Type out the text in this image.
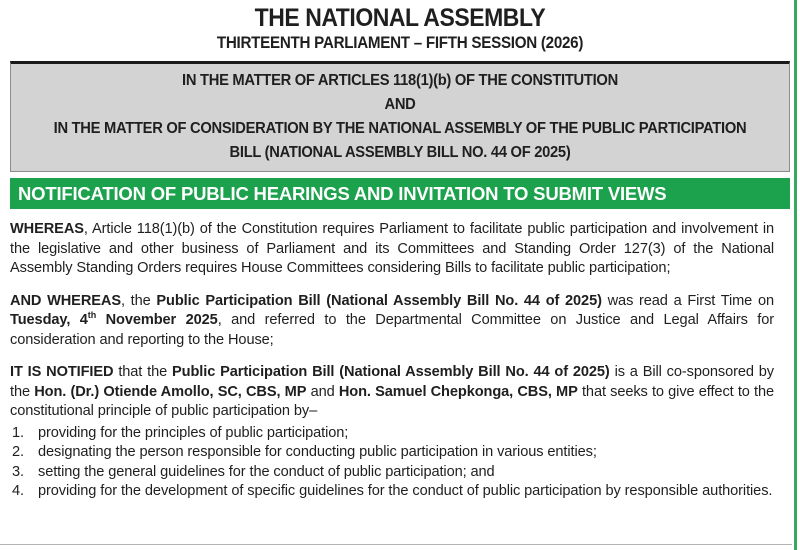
THE NATIONAL ASSEMBLY
THIRTEENTH PARLIAMENT – FIFTH SESSION (2026)
IN THE MATTER OF ARTICLES 118(1)(b) OF THE CONSTITUTION
AND
IN THE MATTER OF CONSIDERATION BY THE NATIONAL ASSEMBLY OF THE PUBLIC PARTICIPATION BILL (NATIONAL ASSEMBLY BILL NO. 44 OF 2025)
NOTIFICATION OF PUBLIC HEARINGS AND INVITATION TO SUBMIT VIEWS

WHEREAS, Article 118(1)(b) of the Constitution requires Parliament to facilitate public participation and involvement in the legislative and other business of Parliament and its Committees and Standing Order 127(3) of the National Assembly Standing Orders requires House Committees considering Bills to facilitate public participation;

AND WHEREAS, the Public Participation Bill (National Assembly Bill No. 44 of 2025) was read a First Time on Tuesday, 4th November 2025, and referred to the Departmental Committee on Justice and Legal Affairs for consideration and reporting to the House;

IT IS NOTIFIED that the Public Participation Bill (National Assembly Bill No. 44 of 2025) is a Bill co-sponsored by the Hon. (Dr.) Otiende Amollo, SC, CBS, MP and Hon. Samuel Chepkonga, CBS, MP that seeks to give effect to the constitutional principle of public participation by–

1. providing for the principles of public participation;
2. designating the person responsible for conducting public participation in various entities;
3. setting the general guidelines for the conduct of public participation; and
4. providing for the development of specific guidelines for the conduct of public participation by responsible authorities.
